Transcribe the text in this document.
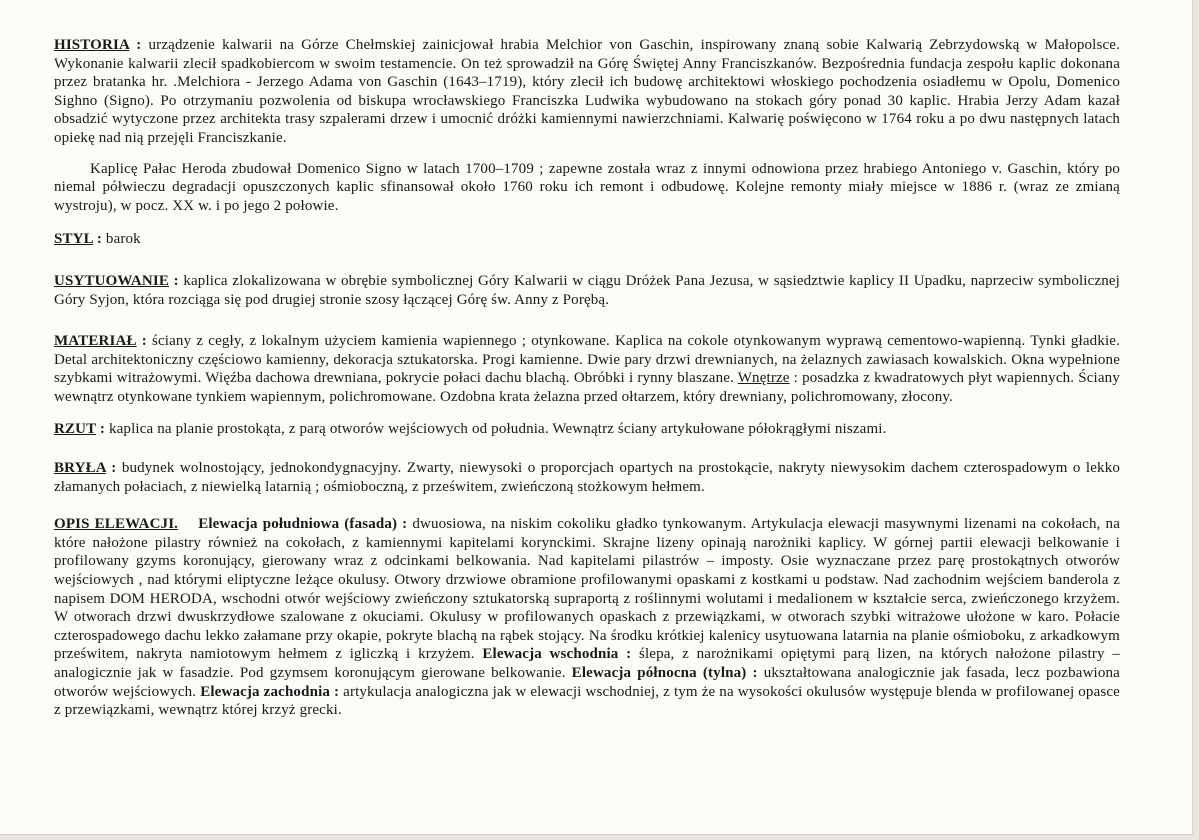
HISTORIA : urządzenie kalwarii na Górze Chełmskiej zainicjował hrabia Melchior von Gaschin, inspirowany znaną sobie Kalwarią Zebrzydowską w Małopolsce. Wykonanie kalwarii zlecił spadkobiercom w swoim testamencie. On też sprowadził na Górę Świętej Anny Franciszkanów. Bezpośrednia fundacja zespołu kaplic dokonana przez bratanka hr. .Melchiora - Jerzego Adama von Gaschin (1643–1719), który zlecił ich budowę architektowi włoskiego pochodzenia osiadłemu w Opolu, Domenico Sighno (Signo). Po otrzymaniu pozwolenia od biskupa wrocławskiego Franciszka Ludwika wybudowano na stokach góry ponad 30 kaplic. Hrabia Jerzy Adam kazał obsadzić wytyczone przez architekta trasy szpalerami drzew i umocnić dróżki kamiennymi nawierzchniami. Kalwarię poświęcono w 1764 roku a po dwu następnych latach opiekę nad nią przejęli Franciszkanie.

Kaplicę Pałac Heroda zbudował Domenico Signo w latach 1700–1709 ; zapewne została wraz z innymi odnowiona przez hrabiego Antoniego v. Gaschin, który po niemal półwieczu degradacji opuszczonych kaplic sfinansował około 1760 roku ich remont i odbudowę. Kolejne remonty miały miejsce w 1886 r. (wraz ze zmianą wystroju), w pocz. XX w. i po jego 2 połowie.

STYL : barok

USYTUOWANIE : kaplica zlokalizowana w obrębie symbolicznej Góry Kalwarii w ciągu Dróżek Pana Jezusa, w sąsiedztwie kaplicy II Upadku, naprzeciw symbolicznej Góry Syjon, która rozciąga się pod drugiej stronie szosy łączącej Górę św. Anny z Porębą.

MATERIAŁ : ściany z cegły, z lokalnym użyciem kamienia wapiennego ; otynkowane. Kaplica na cokole otynkowanym wyprawą cementowo-wapienną. Tynki gładkie. Detal architektoniczny częściowo kamienny, dekoracja sztukatorska. Progi kamienne. Dwie pary drzwi drewnianych, na żelaznych zawiasach kowalskich. Okna wypełnione szybkami witrażowymi. Więźba dachowa drewniana, pokrycie połaci dachu blachą. Obróbki i rynny blaszane. Wnętrze : posadzka z kwadratowych płyt wapiennych. Ściany wewnątrz otynkowane tynkiem wapiennym, polichromowane. Ozdobna krata żelazna przed ołtarzem, który drewniany, polichromowany, złocony.

RZUT : kaplica na planie prostokąta, z parą otworów wejściowych od południa. Wewnątrz ściany artykułowane półokrągłymi niszami.

BRYŁA : budynek wolnostojący, jednokondygnacyjny. Zwarty, niewysoki o proporcjach opartych na prostokącie, nakryty niewysokim dachem czterospadowym o lekko złamanych połaciach, z niewielką latarnią ; ośmioboczną, z prześwitem, zwieńczoną stożkowym hełmem.

OPIS ELEWACJI. Elewacja południowa (fasada) : dwuosiowa, na niskim cokoliku gładko tynkowanym. Artykulacja elewacji masywnymi lizenami na cokołach, na które nałożone pilastry również na cokołach, z kamiennymi kapitelami korynckimi. Skrajne lizeny opinają narożniki kaplicy. W górnej partii elewacji belkowanie i profilowany gzyms koronujący, gierowany wraz z odcinkami belkowania. Nad kapitelami pilastrów – imposty. Osie wyznaczane przez parę prostokątnych otworów wejściowych , nad którymi eliptyczne leżące okulusy. Otwory drzwiowe obramione profilowanymi opaskami z kostkami u podstaw. Nad zachodnim wejściem banderola z napisem DOM HERODA, wschodni otwór wejściowy zwieńczony sztukatorską supraportą z roślinnymi wolutami i medalionem w kształcie serca, zwieńczonego krzyżem. W otworach drzwi dwuskrzydłowe szalowane z okuciami. Okulusy w profilowanych opaskach z przewiązkami, w otworach szybki witrażowe ułożone w karo. Połacie czterospadowego dachu lekko załamane przy okapie, pokryte blachą na rąbek stojący. Na środku krótkiej kalenicy usytuowana latarnia na planie ośmioboku, z arkadkowym prześwitem, nakryta namiotowym hełmem z igliczką i krzyżem. Elewacja wschodnia : ślepa, z narożnikami opiętymi parą lizen, na których nałożone pilastry – analogicznie jak w fasadzie. Pod gzymsem koronującym gierowane belkowanie. Elewacja północna (tylna) : ukształtowana analogicznie jak fasada, lecz pozbawiona otworów wejściowych. Elewacja zachodnia : artykulacja analogiczna jak w elewacji wschodniej, z tym że na wysokości okulusów występuje blenda w profilowanej opasce z przewiązkami, wewnątrz której krzyż grecki.
